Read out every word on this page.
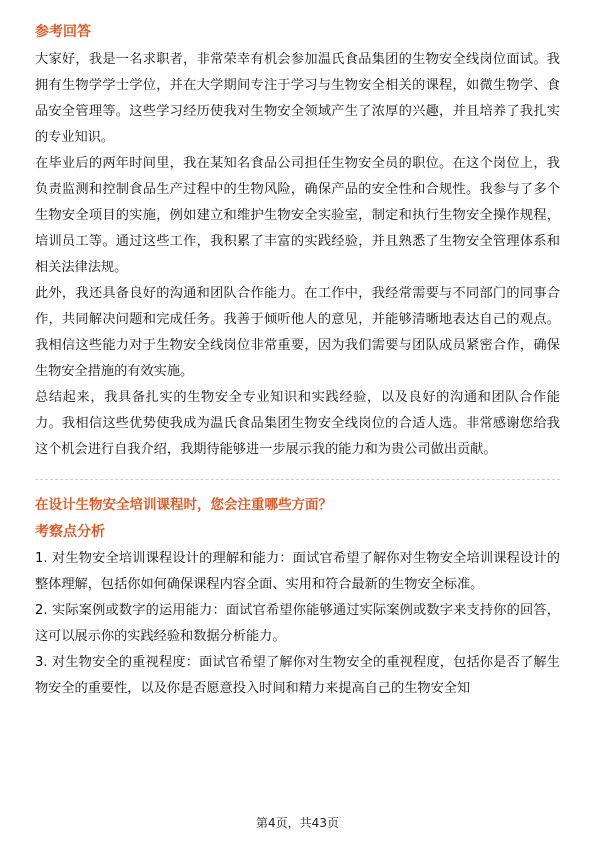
参考回答

大家好，我是一名求职者，非常荣幸有机会参加温氏食品集团的生物安全线岗位面试。我拥有生物学学士学位，并在大学期间专注于学习与生物安全相关的课程，如微生物学、食品安全管理等。这些学习经历使我对生物安全领域产生了浓厚的兴趣，并且培养了我扎实的专业知识。

在毕业后的两年时间里，我在某知名食品公司担任生物安全员的职位。在这个岗位上，我负责监测和控制食品生产过程中的生物风险，确保产品的安全性和合规性。我参与了多个生物安全项目的实施，例如建立和维护生物安全实验室，制定和执行生物安全操作规程，培训员工等。通过这些工作，我积累了丰富的实践经验，并且熟悉了生物安全管理体系和相关法律法规。

此外，我还具备良好的沟通和团队合作能力。在工作中，我经常需要与不同部门的同事合作，共同解决问题和完成任务。我善于倾听他人的意见，并能够清晰地表达自己的观点。我相信这些能力对于生物安全线岗位非常重要，因为我们需要与团队成员紧密合作，确保生物安全措施的有效实施。

总结起来，我具备扎实的生物安全专业知识和实践经验，以及良好的沟通和团队合作能力。我相信这些优势使我成为温氏食品集团生物安全线岗位的合适人选。非常感谢您给我这个机会进行自我介绍，我期待能够进一步展示我的能力和为贵公司做出贡献。

在设计生物安全培训课程时，您会注重哪些方面？
考察点分析

1. 对生物安全培训课程设计的理解和能力：面试官希望了解你对生物安全培训课程设计的整体理解，包括你如何确保课程内容全面、实用和符合最新的生物安全标准。

2. 实际案例或数字的运用能力：面试官希望你能够通过实际案例或数字来支持你的回答，这可以展示你的实践经验和数据分析能力。

3. 对生物安全的重视程度：面试官希望了解你对生物安全的重视程度，包括你是否了解生物安全的重要性，以及你是否愿意投入时间和精力来提高自己的生物安全知

第4页，共43页
